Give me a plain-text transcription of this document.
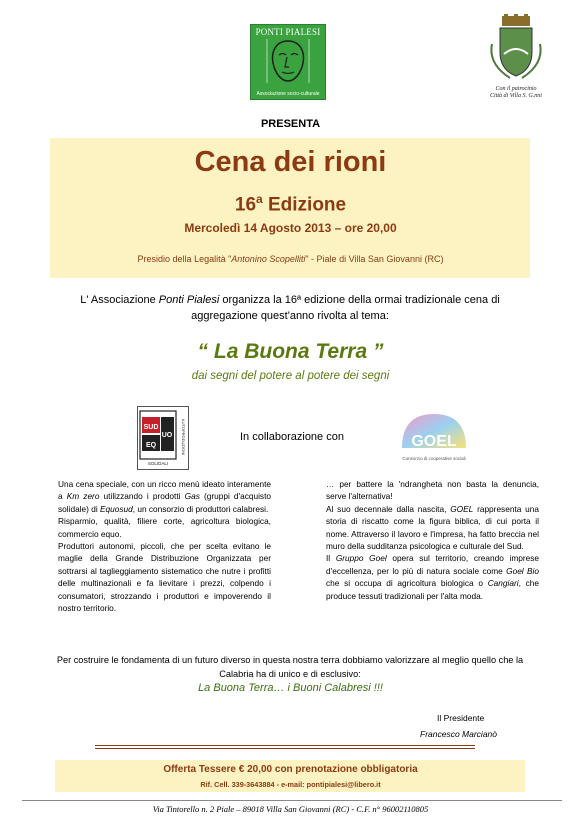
PONTI PIALESI
Associazione socio-culturale
Con il patrocinio
Città di Villa S. G.nni
PRESENTA
Cena dei rioni
16$^a$ Edizione
Mercoledì 14 Agosto 2013 – ore 20,00
Presidio della Legalità "Antonino Scopelliti" - Piale di Villa San Giovanni (RC)
L' Associazione Ponti Pialesi organizza la 16ª edizione della ormai tradizionale cena di aggregazione quest'anno rivolta al tema:
“ La Buona Terra ”
dai segni del potere al potere dei segni
SUD
EQ
UO
SOLIDALI
AUTOPRODUZIONI	In collaborazione con	GOEL
Consorzio di cooperative sociali

Una cena speciale, con un ricco menù ideato interamente a Km zero utilizzando i prodotti Gas (gruppi d'acquisto solidale) di Equosud, un consorzio di produttori calabresi.

Risparmio, qualità, filiere corte, agricoltura biologica, commercio equo.

Produttori autonomi, piccoli, che per scelta evitano le maglie della Grande Distribuzione Organizzata per sottrarsi al taglieggiamento sistematico che nutre i profitti delle multinazionali e fa lievitare i prezzi, colpendo i consumatori, strozzando i produttori e impoverendo il nostro territorio.

… per battere la 'ndrangheta non basta la denuncia, serve l'alternativa!

Al suo decennale dalla nascita, GOEL rappresenta una storia di riscatto come la figura biblica, di cui porta il nome. Attraverso il lavoro e l'impresa, ha fatto breccia nel muro della sudditanza psicologica e culturale del Sud.

Il Gruppo Goel opera sul territorio, creando imprese d'eccellenza, per lo più di natura sociale come Goel Bio che si occupa di agricoltura biologica o Cangiari, che produce tessuti tradizionali per l'alta moda.

Per costruire le fondamenta di un futuro diverso in questa nostra terra dobbiamo valorizzare al meglio quello che la Calabria ha di unico e di esclusivo:
La Buona Terra… i Buoni Calabresi !!!
Il Presidente
Francesco Marcianò
Offerta Tessere € 20,00 con prenotazione obbligatoria
Rif. Cell. 339-3643884 - e-mail: pontipialesi@libero.it
Via Tintorello n. 2 Piale – 89018 Villa San Giovanni (RC) - C.F. n° 96002110805
